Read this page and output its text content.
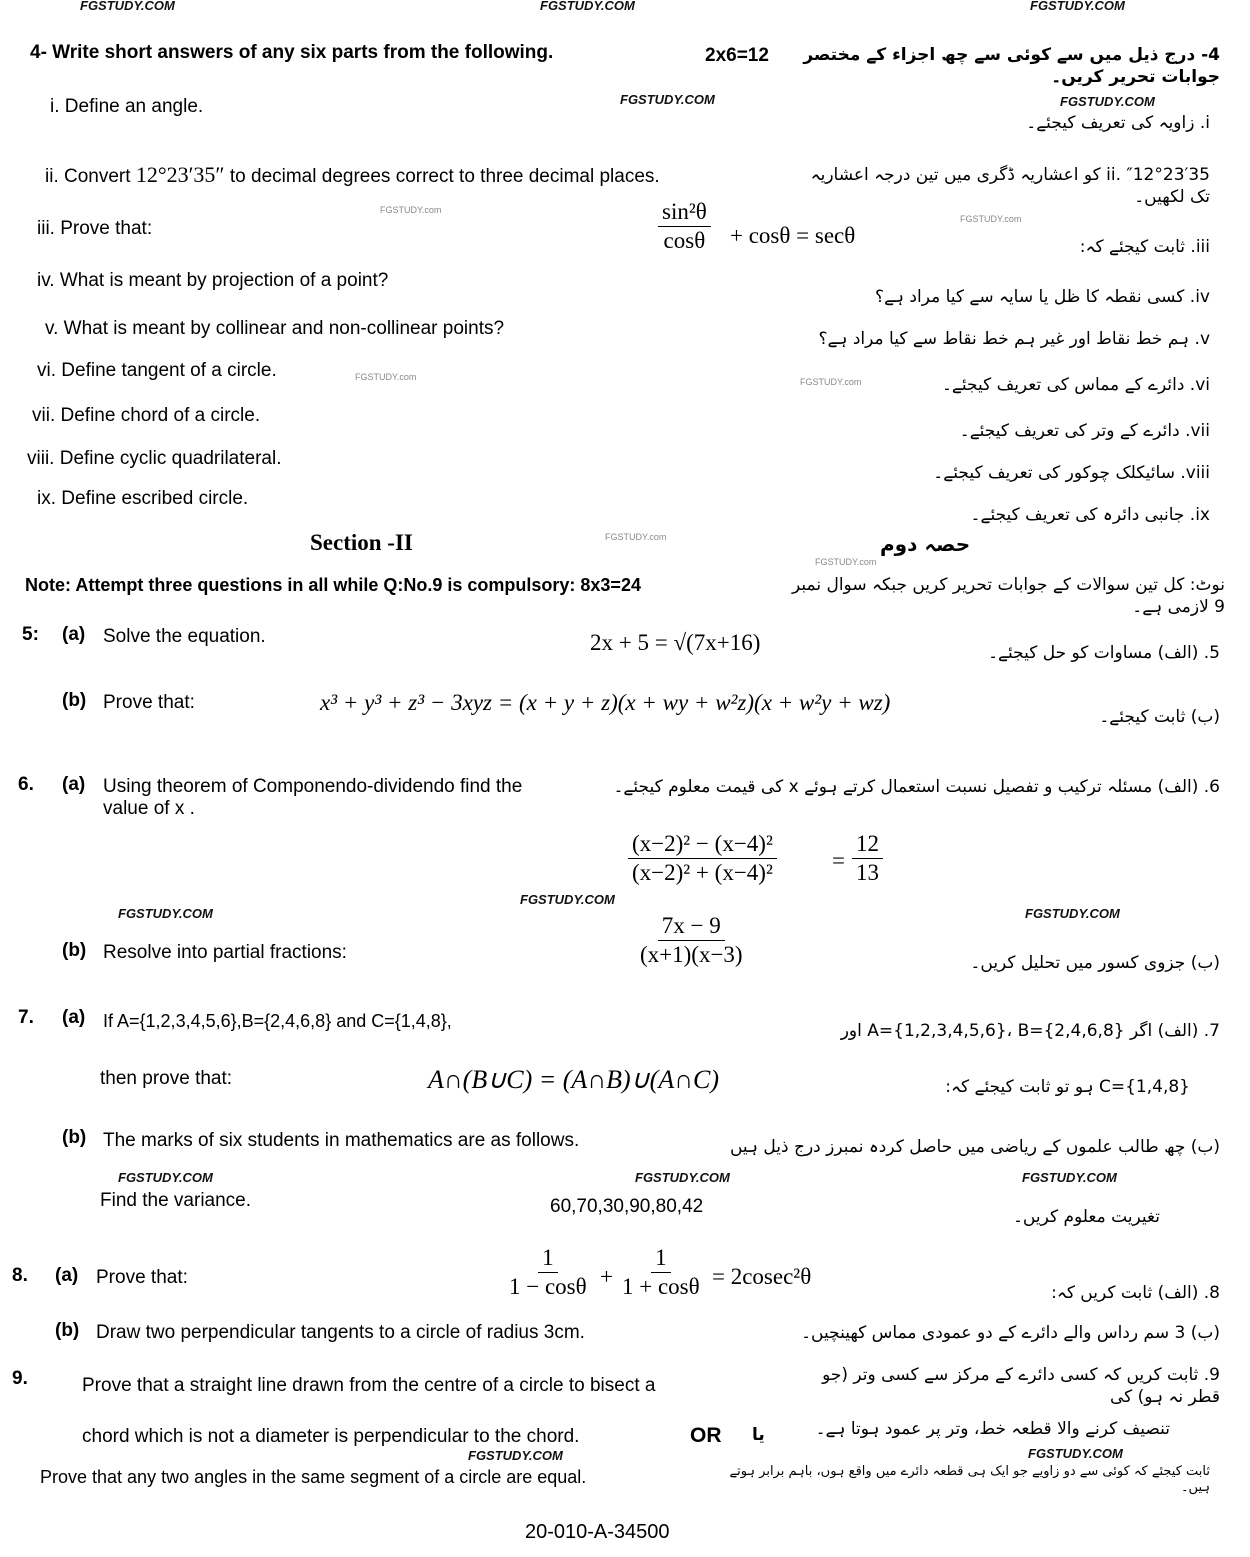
FGSTUDY.COM	FGSTUDY.COM	FGSTUDY.COM
FGSTUDY.COM	FGSTUDY.COM
FGSTUDY.com
FGSTUDY.com
FGSTUDY.com	FGSTUDY.com
FGSTUDY.com
FGSTUDY.com
FGSTUDY.COM
FGSTUDY.COM
FGSTUDY.COM
FGSTUDY.COM	FGSTUDY.COM	FGSTUDY.COM
FGSTUDY.COM	FGSTUDY.COM
4- Write short answers of any six parts from the following.	2x6=12 4- درج ذیل میں سے کوئی سے چھ اجزاء کے مختصر جوابات تحریر کریں۔
i. Define an angle.
i. زاویہ کی تعریف کیجئے۔
ii. Convert 12°23′35″ to decimal degrees correct to three decimal places.	ii. ″12°23′35 کو اعشاریہ ڈگری میں تین درجہ اعشاریہ تک لکھیں۔
iii. Prove that:	$\frac{\text{sin²θ}}{\cos\theta} + \cos\theta = \sec\theta$	iii. ثابت کیجئے کہ:
iv. What is meant by projection of a point?
iv. کسی نقطہ کا ظل یا سایہ سے کیا مراد ہے؟
v. What is meant by collinear and non-collinear points?	v. ہم خط نقاط اور غیر ہم خط نقاط سے کیا مراد ہے؟
vi. Define tangent of a circle.
vi. دائرے کے مماس کی تعریف کیجئے۔
vii. Define chord of a circle.
vii. دائرے کے وتر کی تعریف کیجئے۔
viii. Define cyclic quadrilateral.
viii. سائیکلک چوکور کی تعریف کیجئے۔
ix. Define escribed circle.
ix. جانبی دائرہ کی تعریف کیجئے۔
Section -II	حصہ دوم
Note: Attempt three questions in all while Q:No.9 is compulsory: 8x3=24	نوٹ: کل تین سوالات کے جوابات تحریر کریں جبکہ سوال نمبر 9 لازمی ہے۔
5: (a) Solve the equation.	2x + 5 = √(7x+16)	5. (الف) مساوات کو حل کیجئے۔
(b) Prove that:	x³ + y³ + z³ − 3xyz = (x + y + z)(x + wy + w²z)(x + w²y + wz)
(ب) ثابت کیجئے۔
6. (a) Using theorem of Componendo-dividendo find the value of x .
6. (الف) مسئلہ ترکیب و تفصیل نسبت استعمال کرتے ہوئے x کی قیمت معلوم کیجئے۔
$\frac{\text{(x−2)² − (x−4)²}}{\text{(x−2)² + (x−4)²}} = \frac{12}{13}$
(b) Resolve into partial fractions:	$\frac{7x - 9}{(x+1)(x-3)}$	(ب) جزوی کسور میں تحلیل کریں۔
7. (a) If A={1,2,3,4,5,6},B={2,4,6,8} and C={1,4,8},	7. (الف) اگر A={1,2,3,4,5,6}، B={2,4,6,8} اور
then prove that:	A∩(B∪C) = (A∩B)∪(A∩C)	C={1,4,8} ہو تو ثابت کیجئے کہ:
(b) The marks of six students in mathematics are as follows.	(ب) چھ طالب علموں کے ریاضی میں حاصل کردہ نمبرز درج ذیل ہیں
Find the variance.	60,70,30,90,80,42	تغیریت معلوم کریں۔
8. (a) Prove that:	$\frac{1}{1 - \cos\theta} + \frac{1}{1 + \cos\theta} = 2cosec^2\theta$
8. (الف) ثابت کریں کہ:
(b) Draw two perpendicular tangents to a circle of radius 3cm.	(ب) 3 سم رداس والے دائرے کے دو عمودی مماس کھینچیں۔
9.	Prove that a straight line drawn from the centre of a circle to bisect a	9. ثابت کریں کہ کسی دائرے کے مرکز سے کسی وتر (جو قطر نہ ہو) کی
chord which is not a diameter is perpendicular to the chord.	OR یا	تنصیف کرنے والا قطعہ خط، وتر پر عمود ہوتا ہے۔
Prove that any two angles in the same segment of a circle are equal.	ثابت کیجئے کہ کوئی سے دو زاویے جو ایک ہی قطعہ دائرے میں واقع ہوں، باہم برابر ہوتے ہیں۔
20-010-A-34500
